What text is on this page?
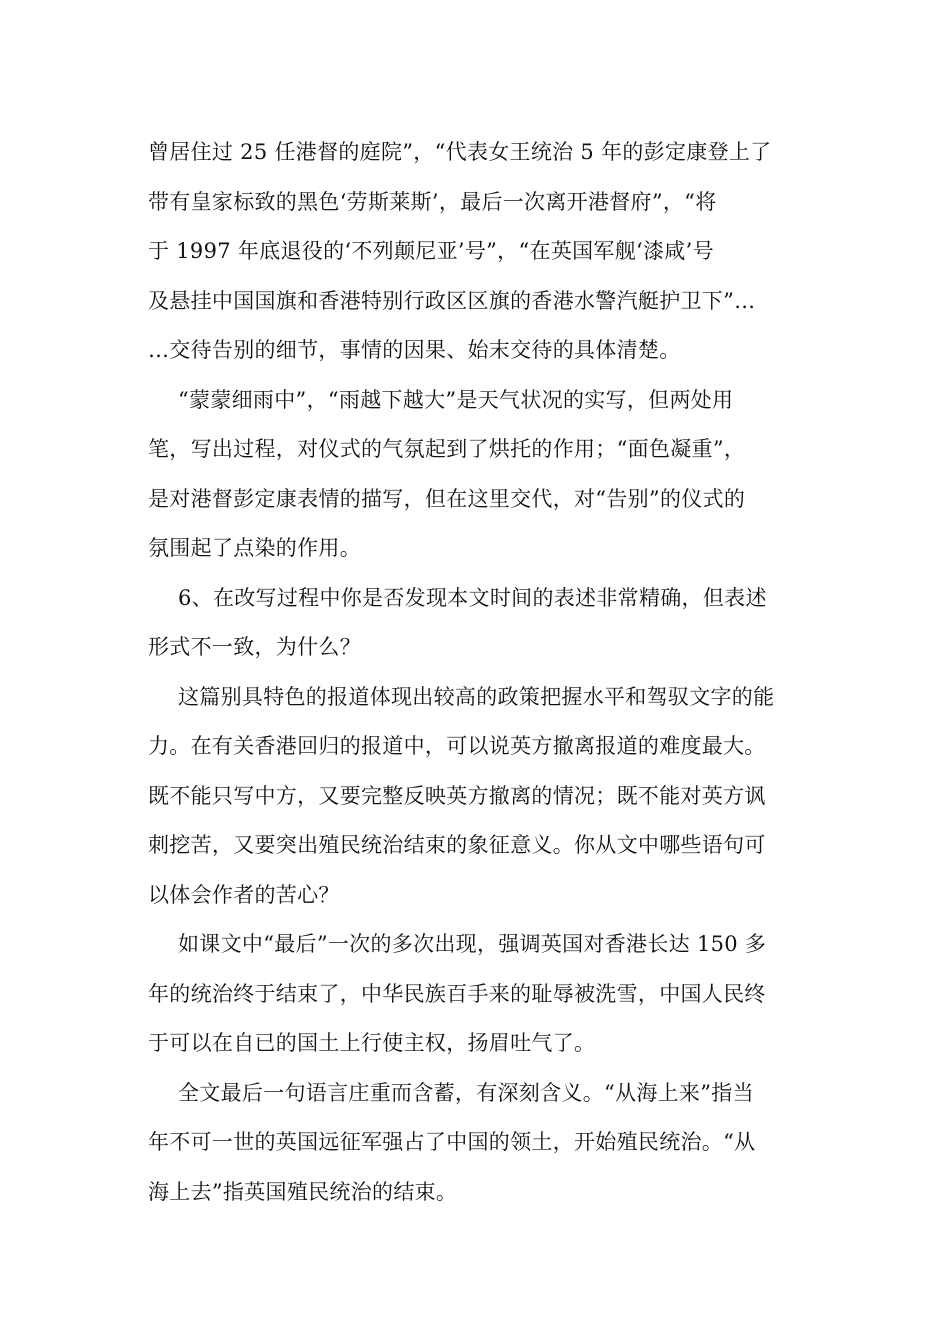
曾居住过 25 任港督的庭院”，“代表女王统治 5 年的彭定康登上了
带有皇家标致的黑色‘劳斯莱斯’，最后一次离开港督府”，“将
于 1997 年底退役的‘不列颠尼亚’号”，“在英国军舰‘漆咸’号
及悬挂中国国旗和香港特别行政区区旗的香港水警汽艇护卫下”…
…交待告别的细节，事情的因果、始末交待的具体清楚。
“蒙蒙细雨中”，“雨越下越大”是天气状况的实写，但两处用
笔，写出过程，对仪式的气氛起到了烘托的作用；“面色凝重”，
是对港督彭定康表情的描写，但在这里交代，对“告别”的仪式的
氛围起了点染的作用。
6、在改写过程中你是否发现本文时间的表述非常精确，但表述
形式不一致，为什么？
这篇别具特色的报道体现出较高的政策把握水平和驾驭文字的能
力。在有关香港回归的报道中，可以说英方撤离报道的难度最大。
既不能只写中方，又要完整反映英方撤离的情况；既不能对英方讽
刺挖苦，又要突出殖民统治结束的象征意义。你从文中哪些语句可
以体会作者的苦心？
如课文中“最后”一次的多次出现，强调英国对香港长达 150 多
年的统治终于结束了，中华民族百手来的耻辱被洗雪，中国人民终
于可以在自已的国土上行使主权，扬眉吐气了。
全文最后一句语言庄重而含蓄，有深刻含义。“从海上来”指当
年不可一世的英国远征军强占了中国的领土，开始殖民统治。“从
海上去”指英国殖民统治的结束。
